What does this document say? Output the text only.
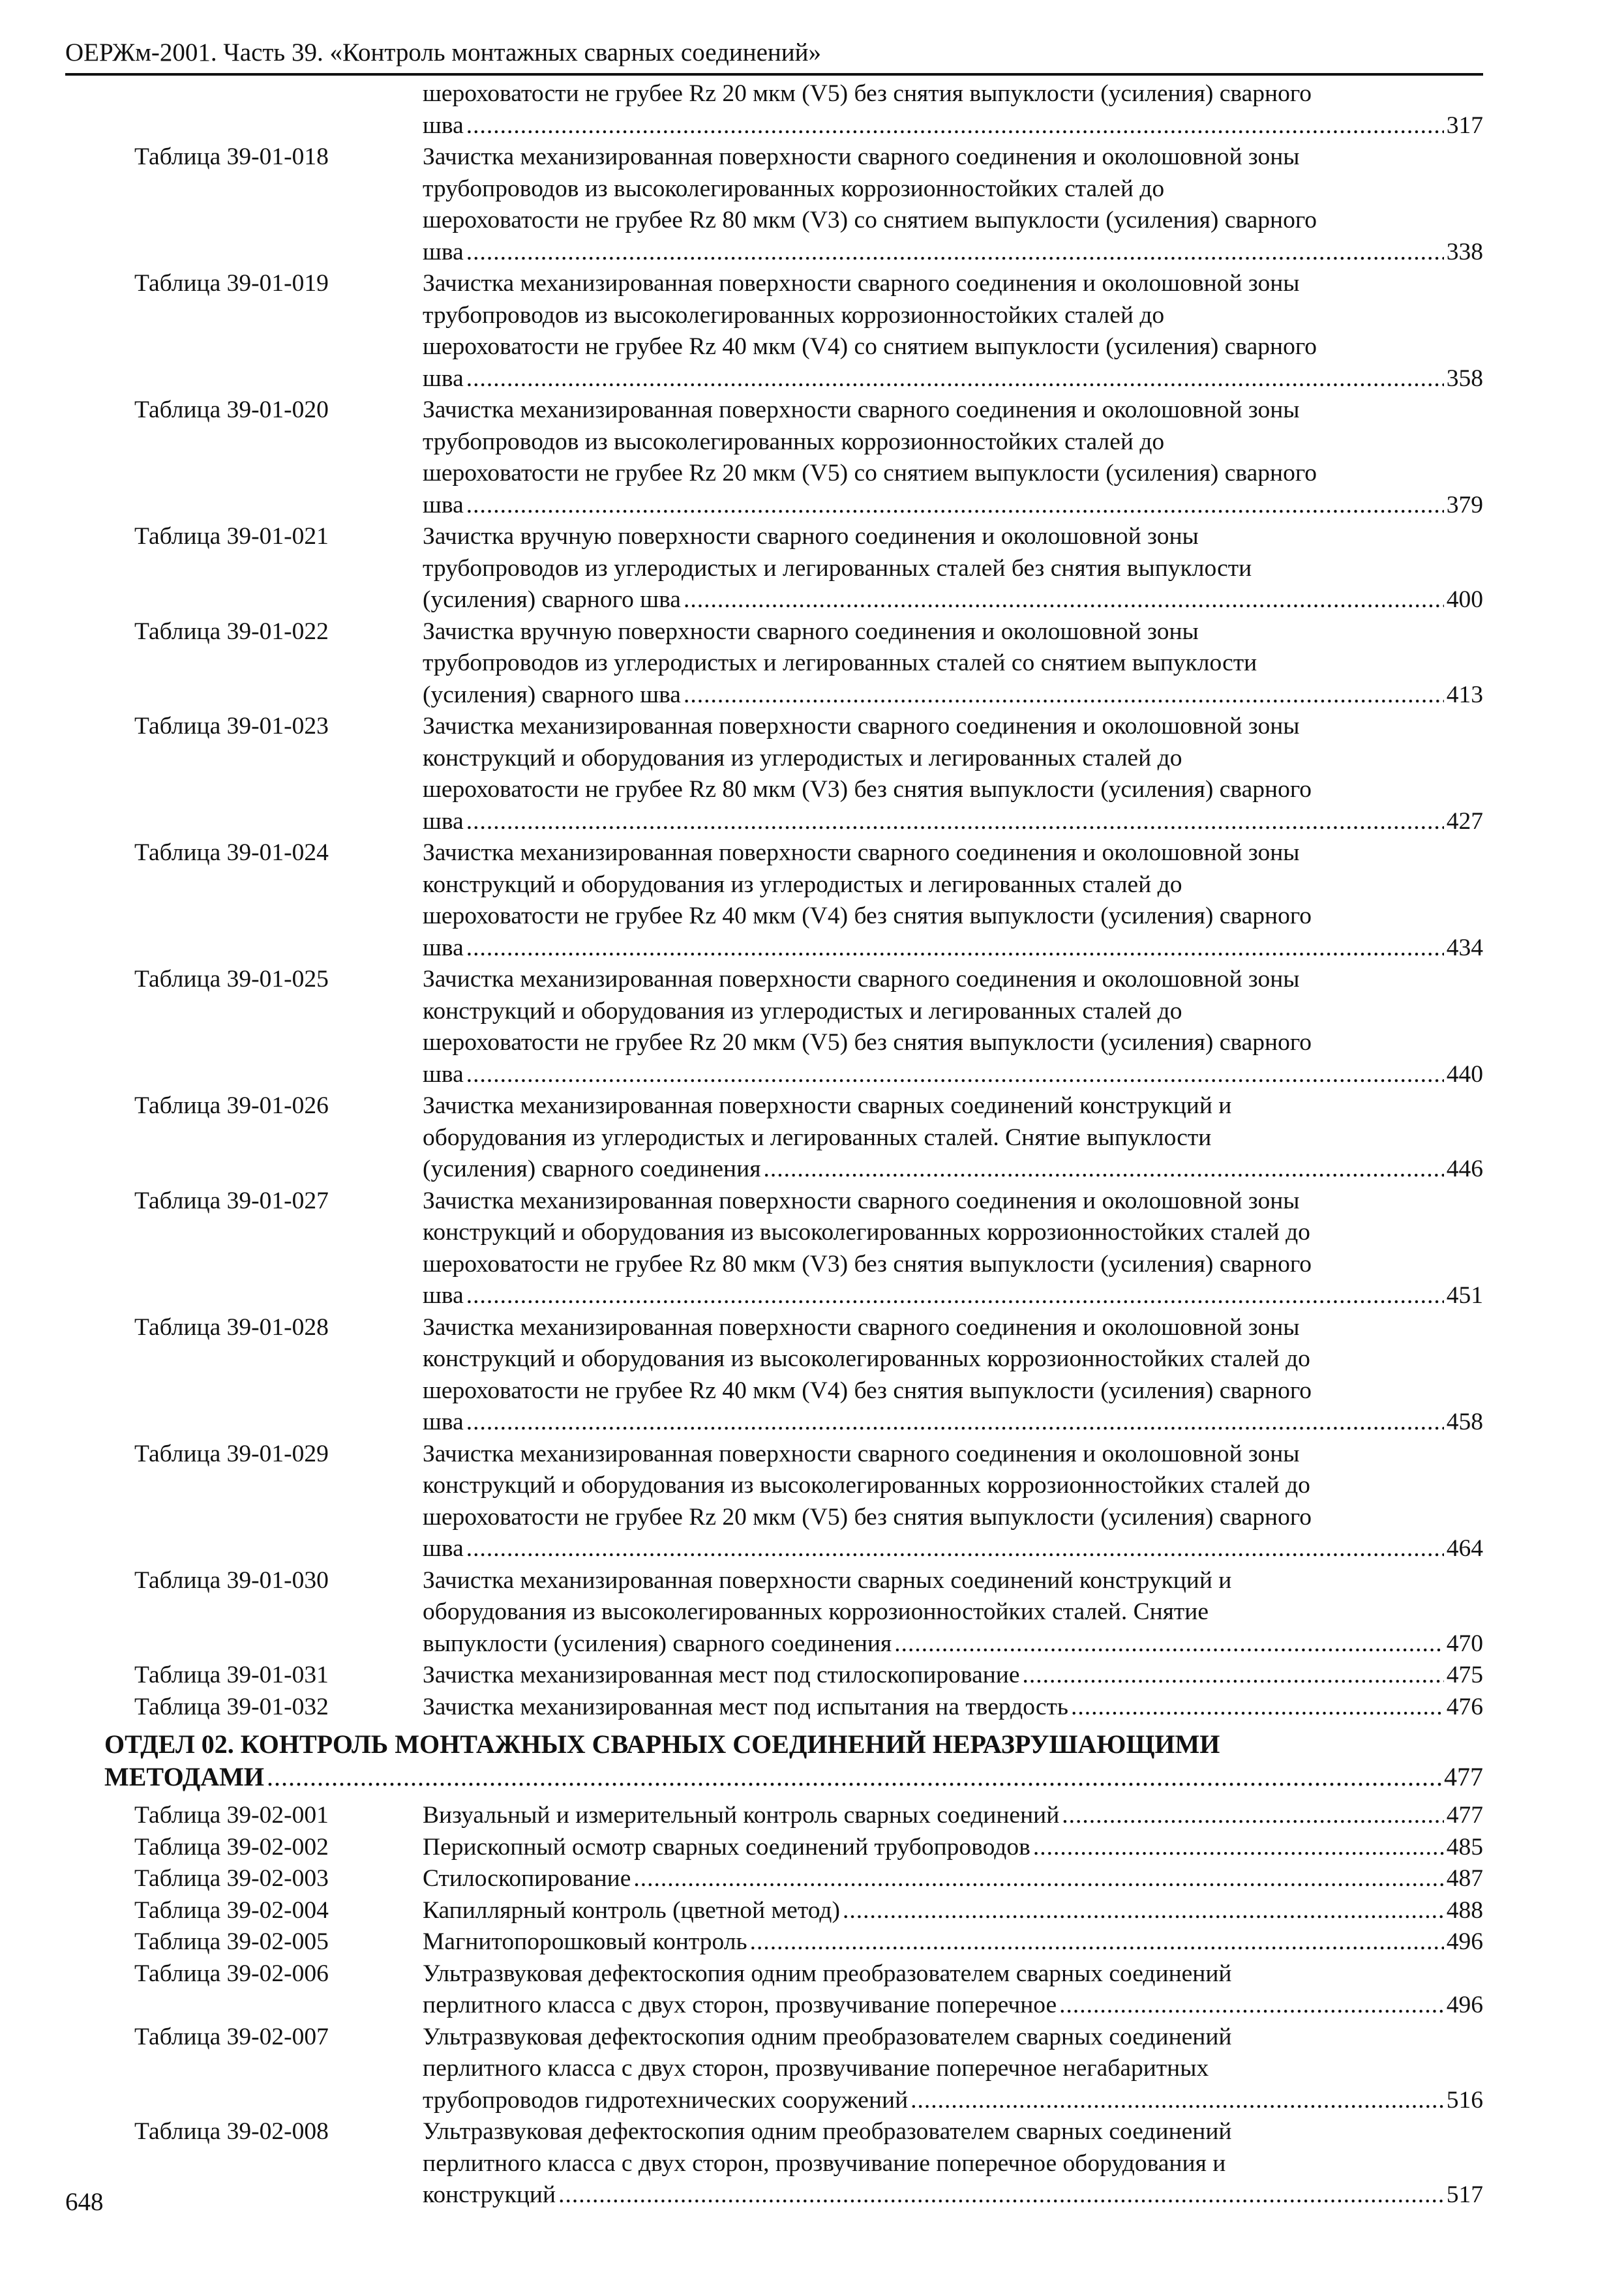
ОЕРЖм-2001. Часть 39. «Контроль монтажных сварных соединений»
шероховатости не грубее Rz 20 мкм (V5) без снятия выпуклости (усиления) сварного
шва .....	317
Таблица 39-01-018	Зачистка механизированная поверхности сварного соединения и околошовной зоны
трубопроводов из высоколегированных коррозионностойких сталей до
шероховатости не грубее Rz 80 мкм (V3) со снятием выпуклости (усиления) сварного
шва .....	338
Таблица 39-01-019	Зачистка механизированная поверхности сварного соединения и околошовной зоны
трубопроводов из высоколегированных коррозионностойких сталей до
шероховатости не грубее Rz 40 мкм (V4) со снятием выпуклости (усиления) сварного
шва .....	358
Таблица 39-01-020	Зачистка механизированная поверхности сварного соединения и околошовной зоны
трубопроводов из высоколегированных коррозионностойких сталей до
шероховатости не грубее Rz 20 мкм (V5) со снятием выпуклости (усиления) сварного
шва .....	379
Таблица 39-01-021	Зачистка вручную поверхности сварного соединения и околошовной зоны
трубопроводов из углеродистых и легированных сталей без снятия выпуклости
(усиления) сварного шва .....	400
Таблица 39-01-022	Зачистка вручную поверхности сварного соединения и околошовной зоны
трубопроводов из углеродистых и легированных сталей со снятием выпуклости
(усиления) сварного шва .....	413
Таблица 39-01-023	Зачистка механизированная поверхности сварного соединения и околошовной зоны
конструкций и оборудования из углеродистых и легированных сталей до
шероховатости не грубее Rz 80 мкм (V3) без снятия выпуклости (усиления) сварного
шва .....	427
Таблица 39-01-024	Зачистка механизированная поверхности сварного соединения и околошовной зоны
конструкций и оборудования из углеродистых и легированных сталей до
шероховатости не грубее Rz 40 мкм (V4) без снятия выпуклости (усиления) сварного
шва .....	434
Таблица 39-01-025	Зачистка механизированная поверхности сварного соединения и околошовной зоны
конструкций и оборудования из углеродистых и легированных сталей до
шероховатости не грубее Rz 20 мкм (V5) без снятия выпуклости (усиления) сварного
шва .....	440
Таблица 39-01-026	Зачистка механизированная поверхности сварных соединений конструкций и
оборудования из углеродистых и легированных сталей. Снятие выпуклости
(усиления) сварного соединения .....	446
Таблица 39-01-027	Зачистка механизированная поверхности сварного соединения и околошовной зоны
конструкций и оборудования из высоколегированных коррозионностойких сталей до
шероховатости не грубее Rz 80 мкм (V3) без снятия выпуклости (усиления) сварного
шва .....	451
Таблица 39-01-028	Зачистка механизированная поверхности сварного соединения и околошовной зоны
конструкций и оборудования из высоколегированных коррозионностойких сталей до
шероховатости не грубее Rz 40 мкм (V4) без снятия выпуклости (усиления) сварного
шва .....	458
Таблица 39-01-029	Зачистка механизированная поверхности сварного соединения и околошовной зоны
конструкций и оборудования из высоколегированных коррозионностойких сталей до
шероховатости не грубее Rz 20 мкм (V5) без снятия выпуклости (усиления) сварного
шва .....	464
Таблица 39-01-030	Зачистка механизированная поверхности сварных соединений конструкций и
оборудования из высоколегированных коррозионностойких сталей. Снятие
выпуклости (усиления) сварного соединения .....	470
Таблица 39-01-031	Зачистка механизированная мест под стилоскопирование .....	475
Таблица 39-01-032	Зачистка механизированная мест под испытания на твердость .....	476
ОТДЕЛ 02. КОНТРОЛЬ МОНТАЖНЫХ СВАРНЫХ СОЕДИНЕНИЙ НЕРАЗРУШАЮЩИМИ
МЕТОДАМИ .....	477
Таблица 39-02-001	Визуальный и измерительный контроль сварных соединений .....	477
Таблица 39-02-002	Перископный осмотр сварных соединений трубопроводов .....	485
Таблица 39-02-003	Стилоскопирование .....	487
Таблица 39-02-004	Капиллярный контроль (цветной метод) .....	488
Таблица 39-02-005	Магнитопорошковый контроль .....	496
Таблица 39-02-006	Ультразвуковая дефектоскопия одним преобразователем сварных соединений
перлитного класса с двух сторон, прозвучивание поперечное .....	496
Таблица 39-02-007	Ультразвуковая дефектоскопия одним преобразователем сварных соединений
перлитного класса с двух сторон, прозвучивание поперечное негабаритных
трубопроводов гидротехнических сооружений .....	516
Таблица 39-02-008	Ультразвуковая дефектоскопия одним преобразователем сварных соединений
перлитного класса с двух сторон, прозвучивание поперечное оборудования и
конструкций .....	517
648
